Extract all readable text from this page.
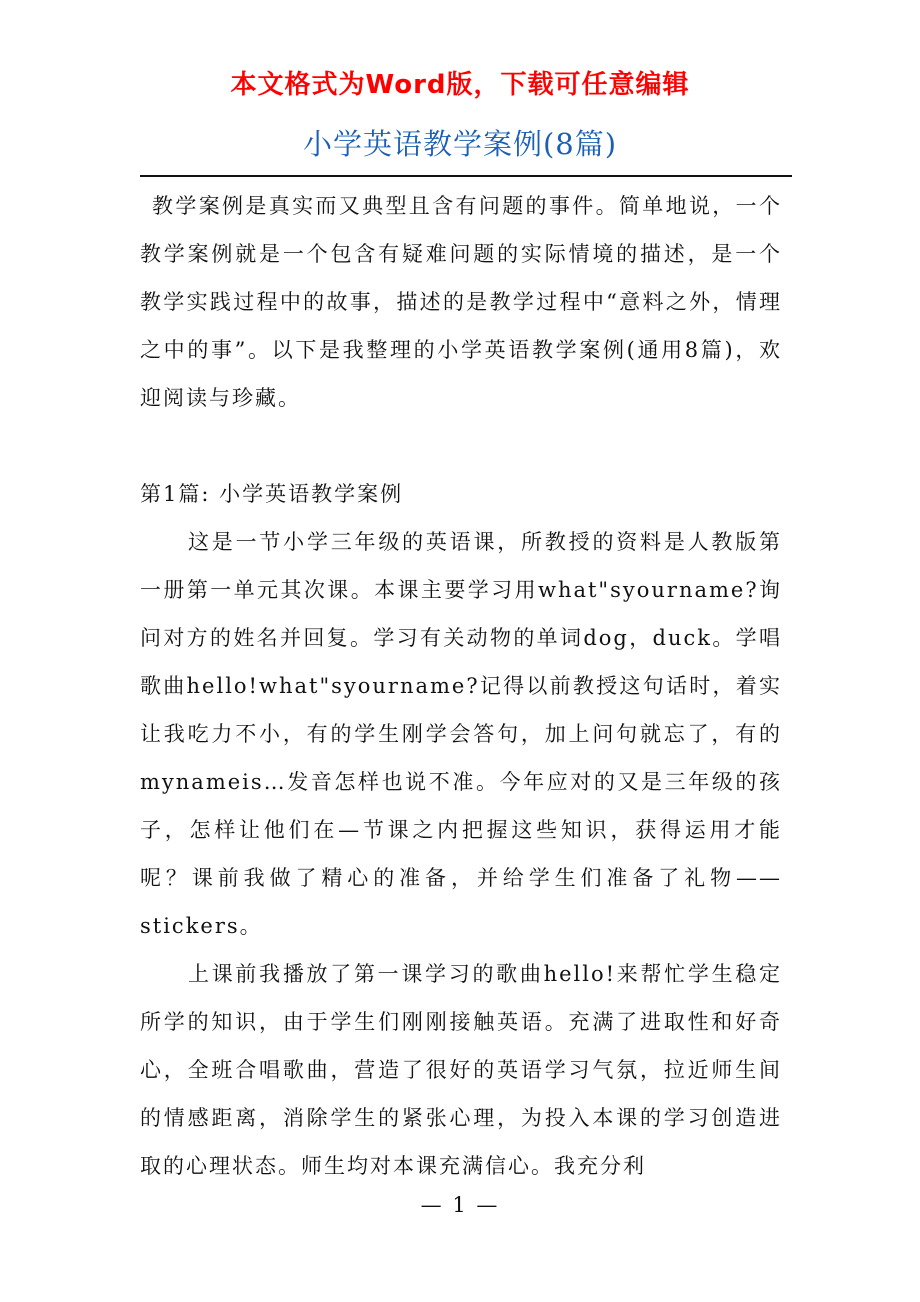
本文格式为Word版，下载可任意编辑
小学英语教学案例(8篇)
教学案例是真实而又典型且含有问题的事件。简单地说，一个教学案例就是一个包含有疑难问题的实际情境的描述，是一个教学实践过程中的故事，描述的是教学过程中“意料之外，情理之中的事”。以下是我整理的小学英语教学案例(通用8篇)，欢迎阅读与珍藏。
第1篇: 小学英语教学案例
这是一节小学三年级的英语课，所教授的资料是人教版第一册第一单元其次课。本课主要学习用what"syourname?询问对方的姓名并回复。学习有关动物的单词dog，duck。学唱歌曲hello!what"syourname?记得以前教授这句话时，着实让我吃力不小，有的学生刚学会答句，加上问句就忘了，有的mynameis…发音怎样也说不准。今年应对的又是三年级的孩子，怎样让他们在—节课之内把握这些知识，获得运用才能呢？课前我做了精心的准备，并给学生们准备了礼物——stickers。
上课前我播放了第一课学习的歌曲hello!来帮忙学生稳定所学的知识，由于学生们刚刚接触英语。充满了进取性和好奇心，全班合唱歌曲，营造了很好的英语学习气氛，拉近师生间的情感距离，消除学生的紧张心理，为投入本课的学习创造进取的心理状态。师生均对本课充满信心。我充分利
— 1 —
